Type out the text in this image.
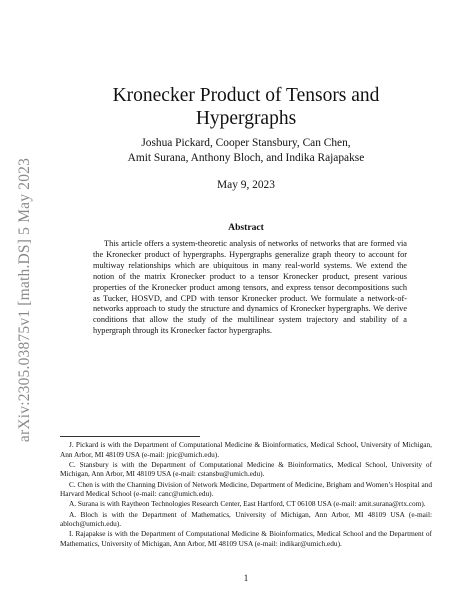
arXiv:2305.03875v1 [math.DS] 5 May 2023
Kronecker Product of Tensors and
Hypergraphs
Joshua Pickard, Cooper Stansbury, Can Chen,
Amit Surana, Anthony Bloch, and Indika Rajapakse
May 9, 2023
Abstract

This article offers a system-theoretic analysis of networks of networks that are formed via the Kronecker product of hypergraphs. Hypergraphs generalize graph theory to account for multiway relationships which are ubiquitous in many real-world systems. We extend the notion of the matrix Kronecker product to a tensor Kronecker product, present various properties of the Kronecker product among tensors, and express tensor decompositions such as Tucker, HOSVD, and CPD with tensor Kronecker product. We formulate a network-of-networks approach to study the structure and dynamics of Kronecker hypergraphs. We derive conditions that allow the study of the multilinear system trajectory and stability of a hypergraph through its Kronecker factor hypergraphs.

J. Pickard is with the Department of Computational Medicine & Bioinformatics, Medical School, University of Michigan, Ann Arbor, MI 48109 USA (e-mail: jpic@umich.edu).

C. Stansbury is with the Department of Computational Medicine & Bioinformatics, Medical School, University of Michigan, Ann Arbor, MI 48109 USA (e-mail: cstansbu@umich.edu).

C. Chen is with the Channing Division of Network Medicine, Department of Medicine, Brigham and Women’s Hospital and Harvard Medical School (e-mail: canc@umich.edu).

A. Surana is with Raytheon Technologies Research Center, East Hartford, CT 06108 USA (e-mail: amit.surana@rtx.com).

A. Bloch is with the Department of Mathematics, University of Michigan, Ann Arbor, MI 48109 USA (e-mail: abloch@umich.edu).

I. Rajapakse is with the Department of Computational Medicine & Bioinformatics, Medical School and the Department of Mathematics, University of Michigan, Ann Arbor, MI 48109 USA (e-mail: indikar@umich.edu).

1
